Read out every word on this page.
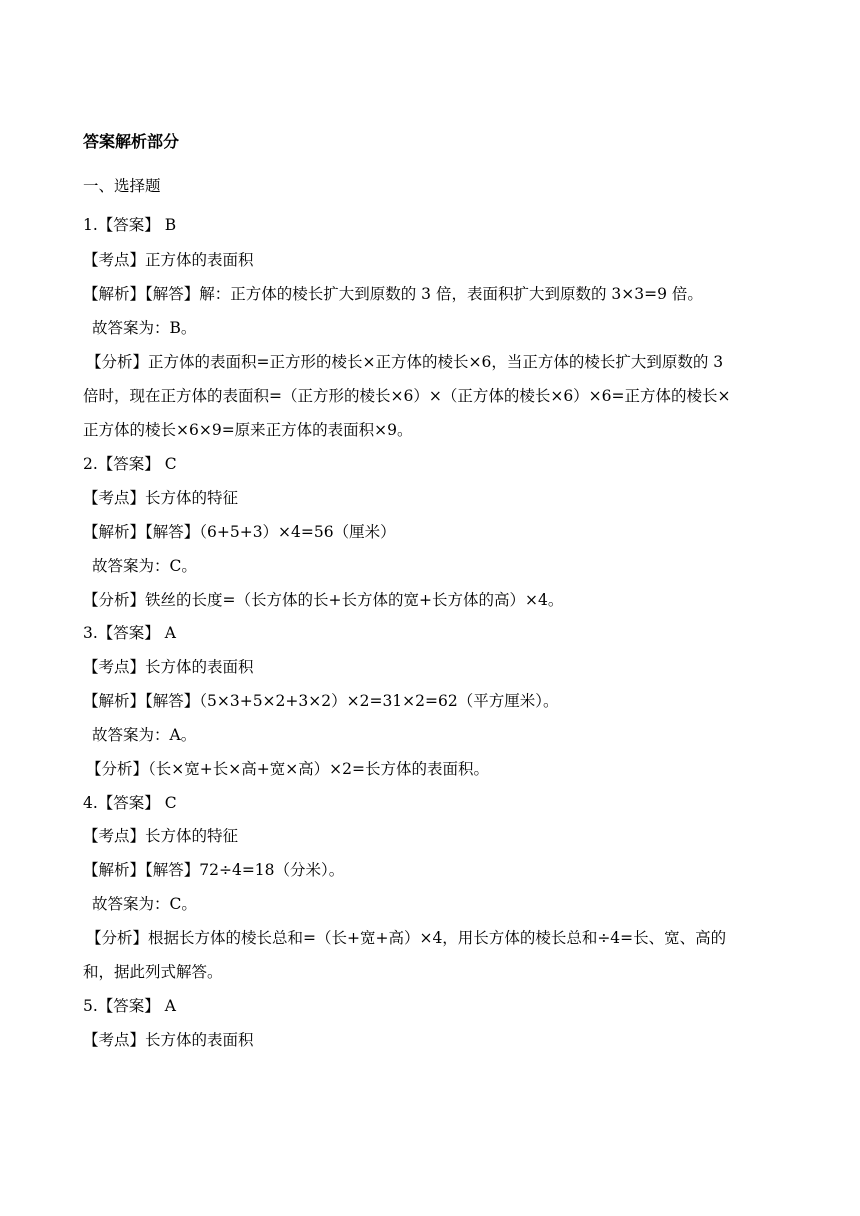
答案解析部分
一、选择题
1.【答案】 B
【考点】正方体的表面积
【解析】【解答】解：正方体的棱长扩大到原数的 3 倍，表面积扩大到原数的 3×3=9 倍。
故答案为：B。
【分析】正方体的表面积=正方形的棱长×正方体的棱长×6，当正方体的棱长扩大到原数的 3
倍时，现在正方体的表面积=（正方形的棱长×6）×（正方体的棱长×6）×6=正方体的棱长×
正方体的棱长×6×9=原来正方体的表面积×9。
2.【答案】 C
【考点】长方体的特征
【解析】【解答】（6+5+3）×4=56（厘米）
故答案为：C。
【分析】铁丝的长度=（长方体的长+长方体的宽+长方体的高）×4。
3.【答案】 A
【考点】长方体的表面积
【解析】【解答】（5×3+5×2+3×2）×2=31×2=62（平方厘米）。
故答案为：A。
【分析】（长×宽+长×高+宽×高）×2=长方体的表面积。
4.【答案】 C
【考点】长方体的特征
【解析】【解答】72÷4=18（分米）。
故答案为：C。
【分析】根据长方体的棱长总和=（长+宽+高）×4，用长方体的棱长总和÷4=长、宽、高的
和，据此列式解答。
5.【答案】 A
【考点】长方体的表面积
